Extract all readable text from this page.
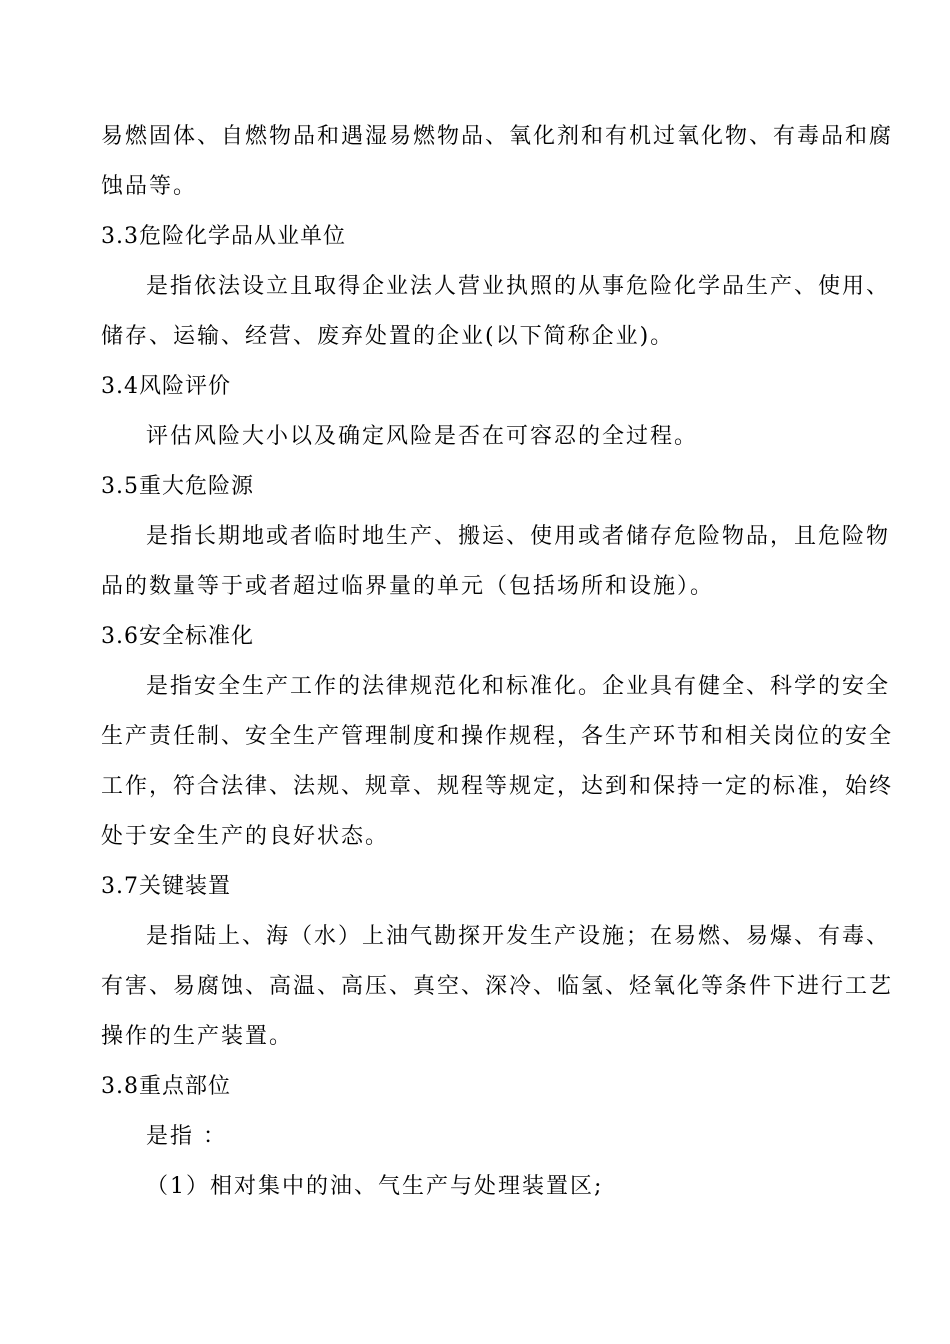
易燃固体、自燃物品和遇湿易燃物品、氧化剂和有机过氧化物、有毒品和腐
蚀品等。
3.3危险化学品从业单位
是指依法设立且取得企业法人营业执照的从事危险化学品生产、使用、
储存、运输、经营、废弃处置的企业(以下简称企业)。
3.4风险评价
评估风险大小以及确定风险是否在可容忍的全过程。
3.5重大危险源
是指长期地或者临时地生产、搬运、使用或者储存危险物品，且危险物
品的数量等于或者超过临界量的单元（包括场所和设施）。
3.6安全标准化
是指安全生产工作的法律规范化和标准化。企业具有健全、科学的安全
生产责任制、安全生产管理制度和操作规程，各生产环节和相关岗位的安全
工作，符合法律、法规、规章、规程等规定，达到和保持一定的标准，始终
处于安全生产的良好状态。
3.7关键装置
是指陆上、海（水）上油气勘探开发生产设施；在易燃、易爆、有毒、
有害、易腐蚀、高温、高压、真空、深冷、临氢、烃氧化等条件下进行工艺
操作的生产装置。
3.8重点部位
是指 ：
（1）相对集中的油、气生产与处理装置区;
